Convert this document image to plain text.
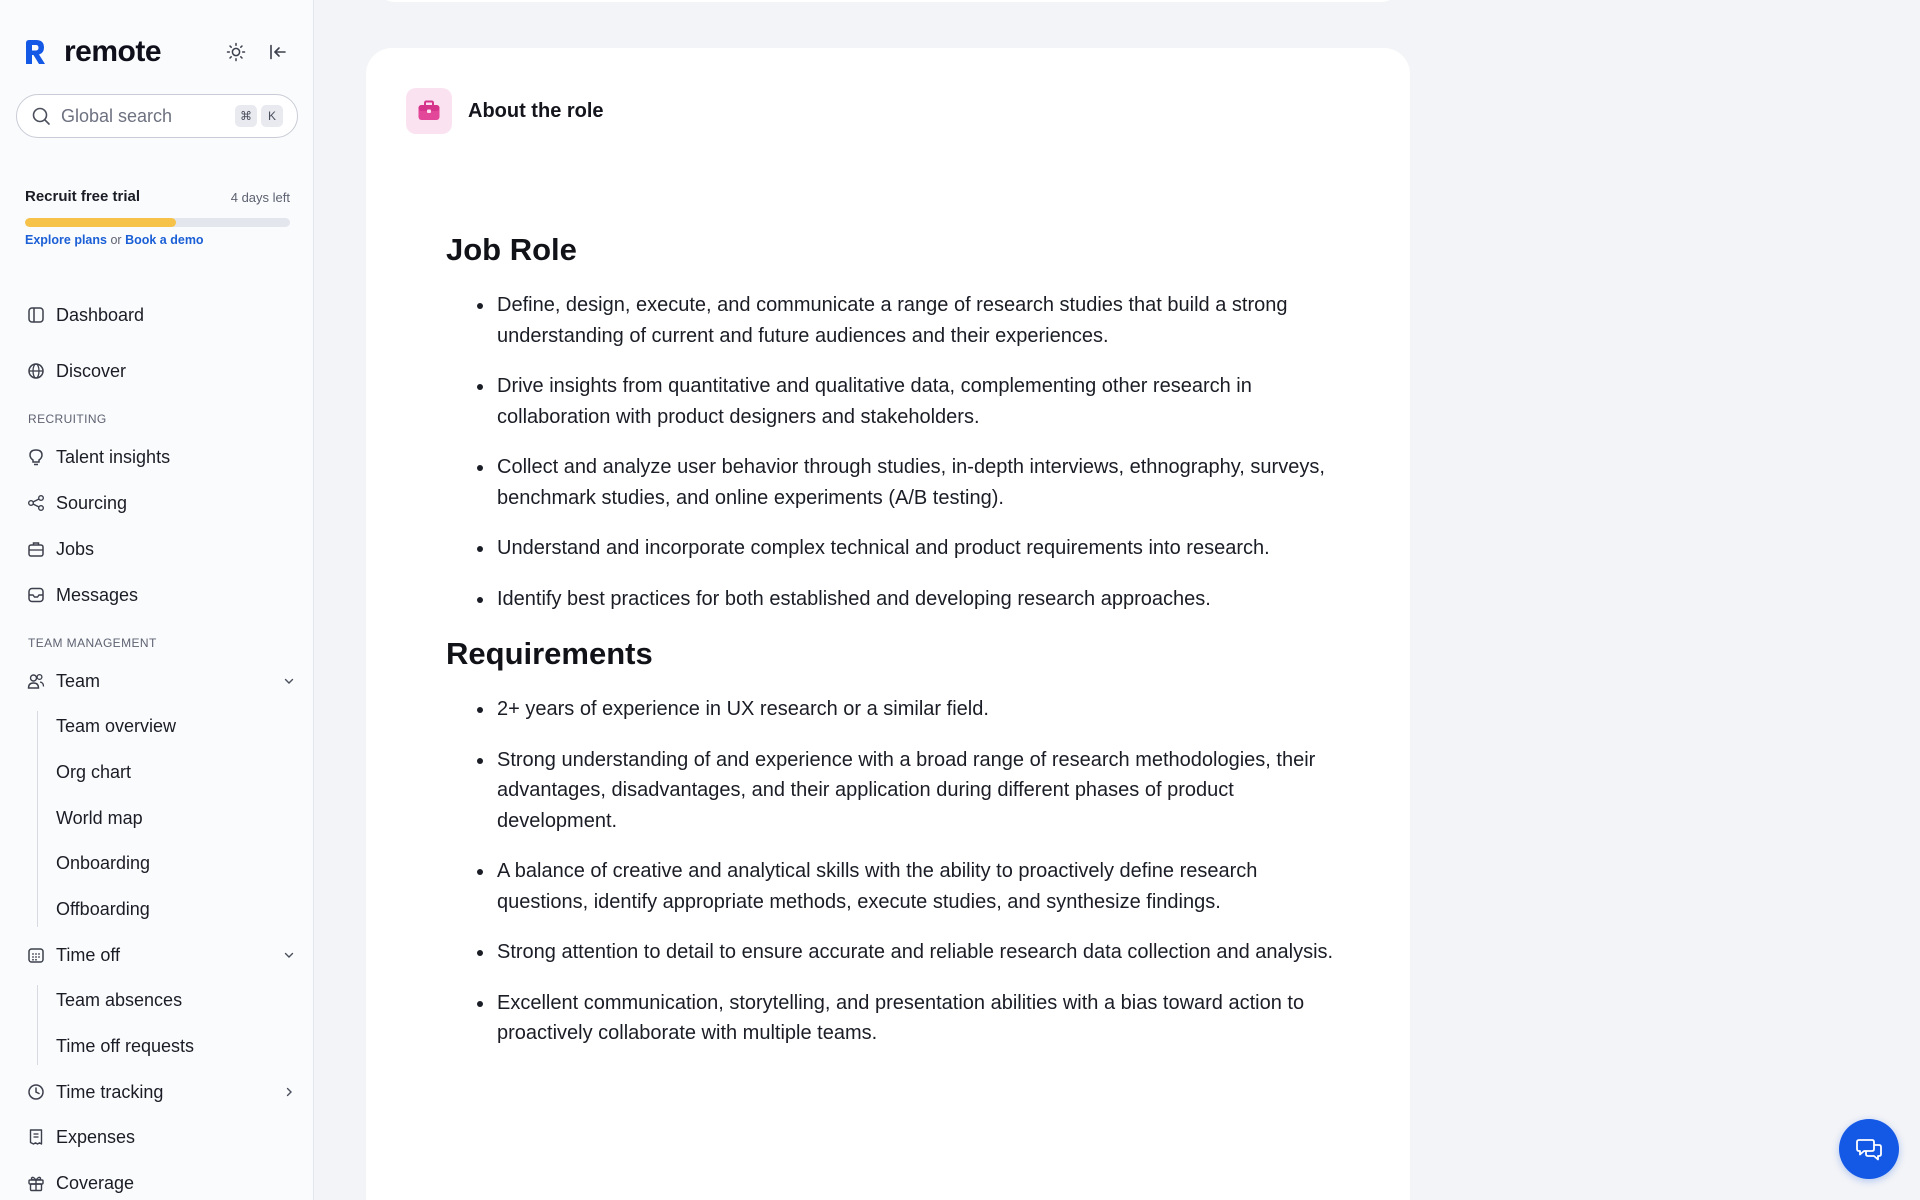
remote
Global search
⌘	K
Recruit free trial	4 days left
Explore plans or Book a demo
Dashboard
Discover
RECRUITING
Talent insights
Sourcing
Jobs
Messages
TEAM MANAGEMENT
Team
Team overview
Org chart
World map
Onboarding
Offboarding
Time off
Team absences
Time off requests
Time tracking
Expenses
Coverage
About the role
Job Role
Define, design, execute, and communicate a range of research studies that build a strong understanding of current and future audiences and their experiences.
Drive insights from quantitative and qualitative data, complementing other research in collaboration with product designers and stakeholders.
Collect and analyze user behavior through studies, in-depth interviews, ethnography, surveys, benchmark studies, and online experiments (A/B testing).
Understand and incorporate complex technical and product requirements into research.
Identify best practices for both established and developing research approaches.
Requirements
2+ years of experience in UX research or a similar field.
Strong understanding of and experience with a broad range of research methodologies, their advantages, disadvantages, and their application during different phases of product development.
A balance of creative and analytical skills with the ability to proactively define research questions, identify appropriate methods, execute studies, and synthesize findings.
Strong attention to detail to ensure accurate and reliable research data collection and analysis.
Excellent communication, storytelling, and presentation abilities with a bias toward action to proactively collaborate with multiple teams.
